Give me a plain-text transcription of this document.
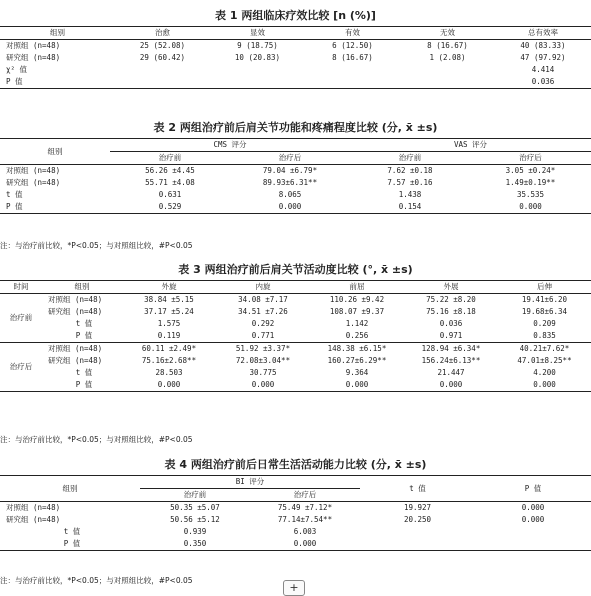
表 1 两组临床疗效比较 [n (%)]
组别	治愈	显效	有效	无效	总有效率
对照组 (n=48)	25 (52.08)	9 (18.75)	6 (12.50)	8 (16.67)	40 (83.33)
研究组 (n=48)	29 (60.42)	10 (20.83)	8 (16.67)	1 (2.08)	47 (97.92)
χ² 值					4.414
P 值					0.036
表 2 两组治疗前后肩关节功能和疼痛程度比较 (分, x̄ ±s)
组别	CMS 评分		VAS 评分	
	治疗前	治疗后	治疗前	治疗后
对照组 (n=48)	56.26 ±4.45	79.04 ±6.79*	7.62 ±0.18	3.05 ±0.24*
研究组 (n=48)	55.71 ±4.08	89.93±6.31**	7.57 ±0.16	1.49±0.19**
t 值	0.631	8.065	1.438	35.535
P 值	0.529	0.000	0.154	0.000
注：与治疗前比较，*P<0.05；与对照组比较，#P<0.05
表 3 两组治疗前后肩关节活动度比较 (°, x̄ ±s)
时间	组别	外旋	内旋	前屈	外展	后伸
治疗前	对照组 (n=48)	38.84 ±5.15	34.08 ±7.17	110.26 ±9.42	75.22 ±8.20	19.41±6.20
	研究组 (n=48)	37.17 ±5.24	34.51 ±7.26	108.07 ±9.37	75.16 ±8.18	19.68±6.34
	t 值	1.575	0.292	1.142	0.036	0.209
	P 值	0.119	0.771	0.256	0.971	0.835
治疗后	对照组 (n=48)	60.11 ±2.49*	51.92 ±3.37*	148.38 ±6.15*	128.94 ±6.34*	40.21±7.62*
	研究组 (n=48)	75.16±2.68**	72.08±3.04**	160.27±6.29**	156.24±6.13**	47.01±8.25**
	t 值	28.503	30.775	9.364	21.447	4.200
	P 值	0.000	0.000	0.000	0.000	0.000
注：与治疗前比较，*P<0.05；与对照组比较，#P<0.05
表 4 两组治疗前后日常生活活动能力比较 (分, x̄ ±s)
组别	BI 评分		t 值	P 值
	治疗前	治疗后		
对照组 (n=48)	50.35 ±5.07	75.49 ±7.12*	19.927	0.000
研究组 (n=48)	50.56 ±5.12	77.14±7.54**	20.250	0.000
t 值	0.939	6.003		
P 值	0.350	0.000		
注：与治疗前比较，*P<0.05；与对照组比较，#P<0.05
+
